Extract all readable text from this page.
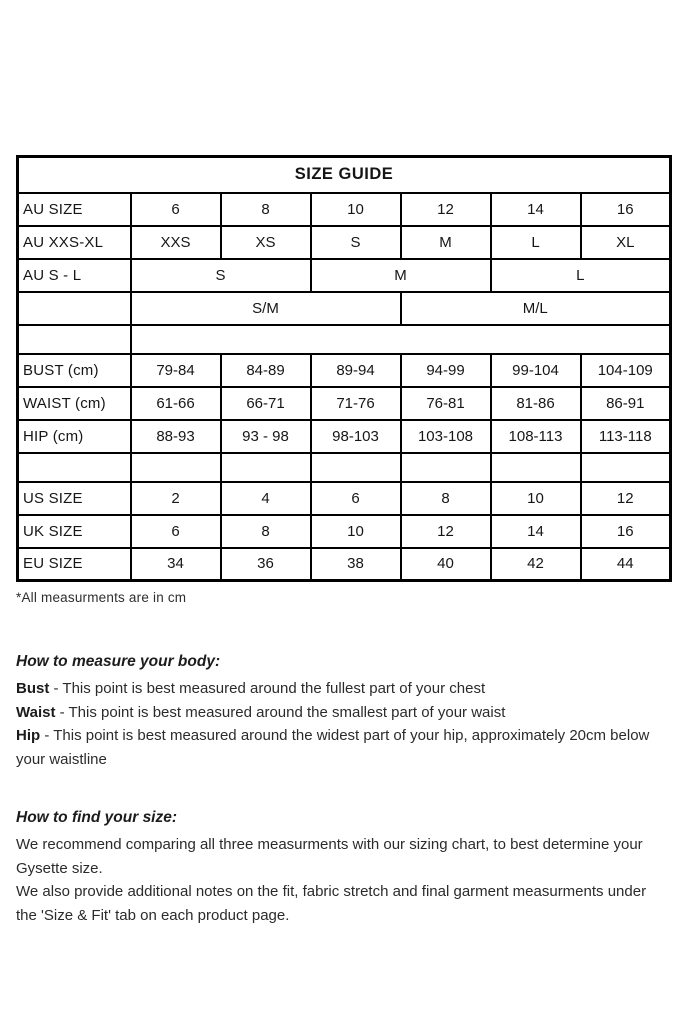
SIZE GUIDE						
AU SIZE	6	8	10	12	14	16
AU XXS-XL	XXS	XS	S	M	L	XL
AU S - L	S		M		L	
	S/M			M/L		

BUST (cm)	79-84	84-89	89-94	94-99	99-104	104-109
WAIST (cm)	61-66	66-71	71-76	76-81	81-86	86-91
HIP (cm)	88-93	93 - 98	98-103	103-108	108-113	113-118

US SIZE	2	4	6	8	10	12
UK SIZE	6	8	10	12	14	16
EU SIZE	34	36	38	40	42	44
*All measurments are in cm
How to measure your body:
Bust - This point is best measured around the fullest part of your chest
Waist - This point is best measured around the smallest part of your waist
Hip - This point is best measured around the widest part of your hip, approximately 20cm below your waistline
How to find your size:
We recommend comparing all three measurments with our sizing chart, to best determine your Gysette size.
We also provide additional notes on the fit, fabric stretch and final garment measurments under the 'Size & Fit' tab on each product page.
